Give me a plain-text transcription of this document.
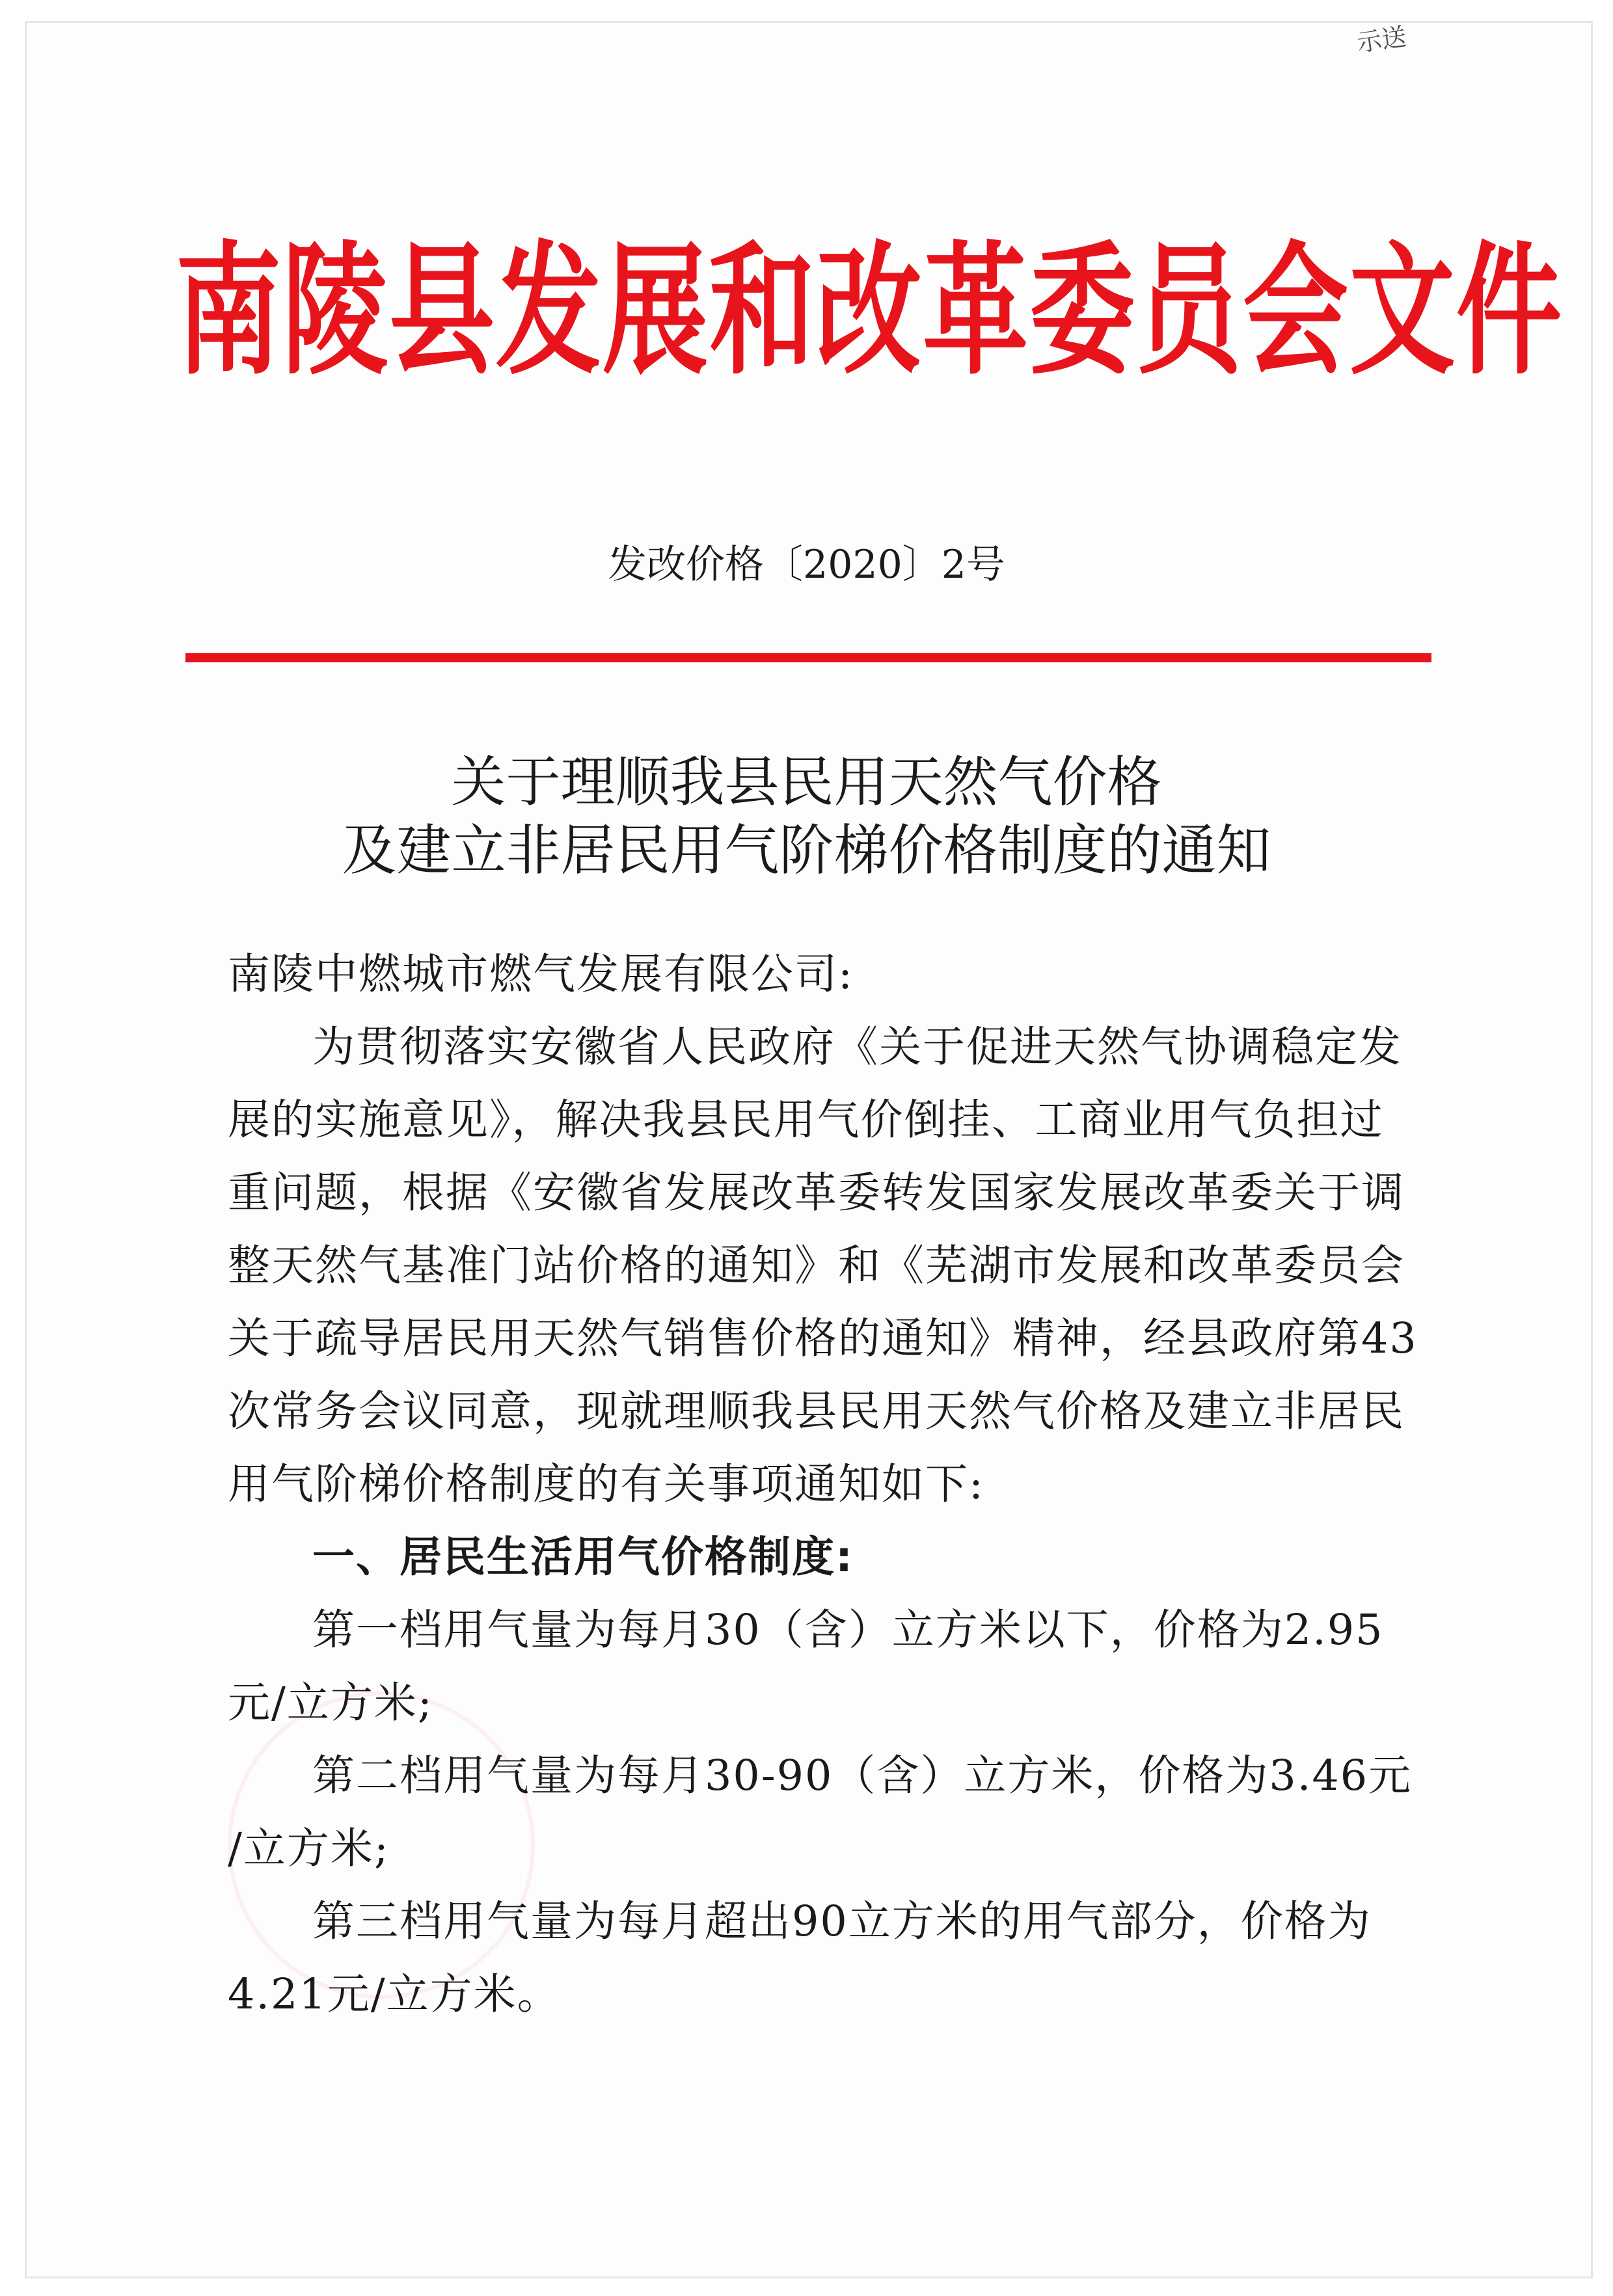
示送
南陵县发展和改革委员会文件
发改价格〔2020〕2号
关于理顺我县民用天然气价格
及建立非居民用气阶梯价格制度的通知
南陵中燃城市燃气发展有限公司:
为贯彻落实安徽省人民政府《关于促进天然气协调稳定发
展的实施意见》，解决我县民用气价倒挂、工商业用气负担过
重问题，根据《安徽省发展改革委转发国家发展改革委关于调
整天然气基准门站价格的通知》和《芜湖市发展和改革委员会
关于疏导居民用天然气销售价格的通知》精神，经县政府第43
次常务会议同意，现就理顺我县民用天然气价格及建立非居民
用气阶梯价格制度的有关事项通知如下:
一、居民生活用气价格制度:
第一档用气量为每月30（含）立方米以下，价格为2.95
元/立方米;
第二档用气量为每月30-90（含）立方米，价格为3.46元
/立方米;
第三档用气量为每月超出90立方米的用气部分，价格为
4.21元/立方米。
